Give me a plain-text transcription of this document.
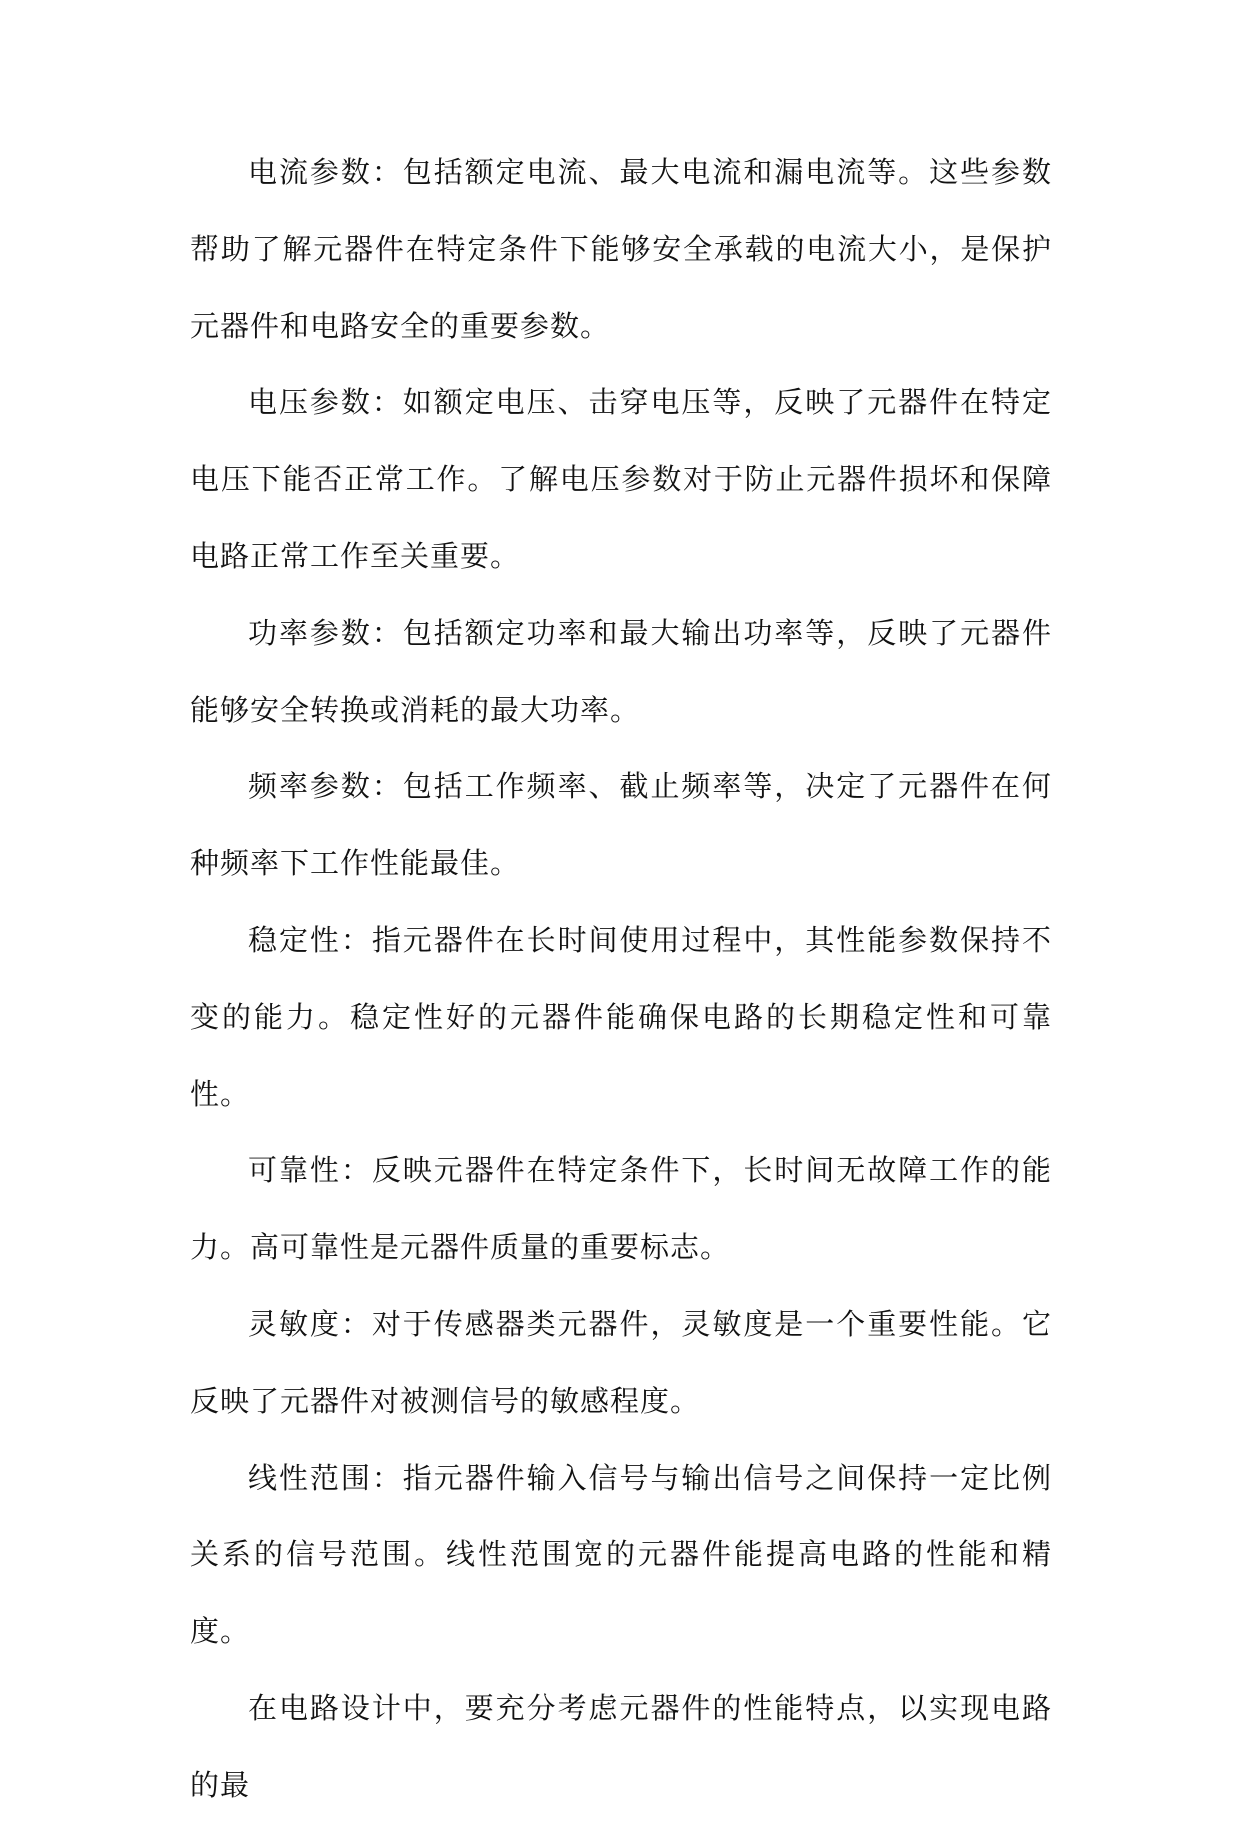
电流参数：包括额定电流、最大电流和漏电流等。这些参数帮助了解元器件在特定条件下能够安全承载的电流大小，是保护元器件和电路安全的重要参数。

电压参数：如额定电压、击穿电压等，反映了元器件在特定电压下能否正常工作。了解电压参数对于防止元器件损坏和保障电路正常工作至关重要。

功率参数：包括额定功率和最大输出功率等，反映了元器件能够安全转换或消耗的最大功率。

频率参数：包括工作频率、截止频率等，决定了元器件在何种频率下工作性能最佳。

稳定性：指元器件在长时间使用过程中，其性能参数保持不变的能力。稳定性好的元器件能确保电路的长期稳定性和可靠性。

可靠性：反映元器件在特定条件下，长时间无故障工作的能力。高可靠性是元器件质量的重要标志。

灵敏度：对于传感器类元器件，灵敏度是一个重要性能。它反映了元器件对被测信号的敏感程度。

线性范围：指元器件输入信号与输出信号之间保持一定比例关系的信号范围。线性范围宽的元器件能提高电路的性能和精度。

在电路设计中，要充分考虑元器件的性能特点，以实现电路的最
